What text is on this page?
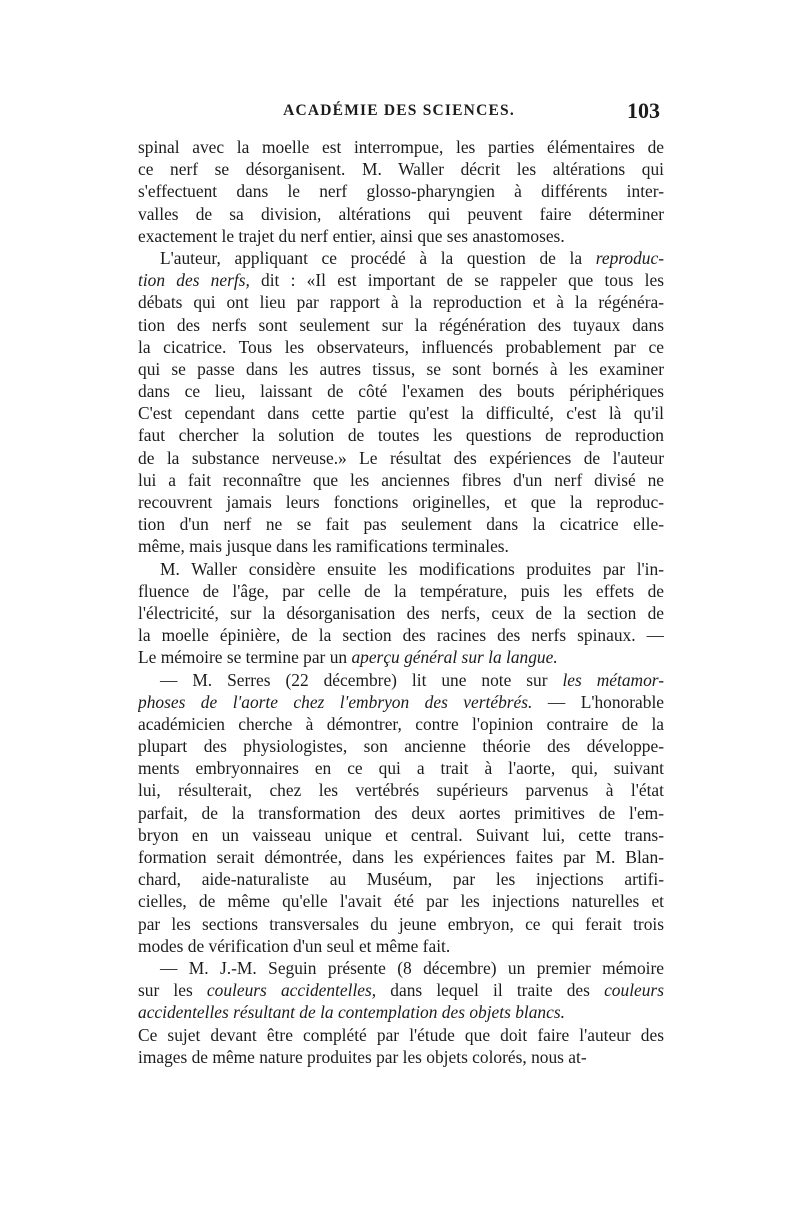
ACADÉMIE DES SCIENCES.	103
spinal avec la moelle est interrompue, les parties élémentaires de
ce nerf se désorganisent. M. Waller décrit les altérations qui
s'effectuent dans le nerf glosso-pharyngien à différents inter-
valles de sa division, altérations qui peuvent faire déterminer
exactement le trajet du nerf entier, ainsi que ses anastomoses.
L'auteur, appliquant ce procédé à la question de la reproduc-
tion des nerfs, dit : «Il est important de se rappeler que tous les
débats qui ont lieu par rapport à la reproduction et à la régénéra-
tion des nerfs sont seulement sur la régénération des tuyaux dans
la cicatrice. Tous les observateurs, influencés probablement par ce
qui se passe dans les autres tissus, se sont bornés à les examiner
dans ce lieu, laissant de côté l'examen des bouts périphériques
C'est cependant dans cette partie qu'est la difficulté, c'est là qu'il
faut chercher la solution de toutes les questions de reproduction
de la substance nerveuse.» Le résultat des expériences de l'auteur
lui a fait reconnaître que les anciennes fibres d'un nerf divisé ne
recouvrent jamais leurs fonctions originelles, et que la reproduc-
tion d'un nerf ne se fait pas seulement dans la cicatrice elle-
même, mais jusque dans les ramifications terminales.
M. Waller considère ensuite les modifications produites par l'in-
fluence de l'âge, par celle de la température, puis les effets de
l'électricité, sur la désorganisation des nerfs, ceux de la section de
la moelle épinière, de la section des racines des nerfs spinaux. —
Le mémoire se termine par un aperçu général sur la langue.
— M. Serres (22 décembre) lit une note sur les métamor-
phoses de l'aorte chez l'embryon des vertébrés. — L'honorable
académicien cherche à démontrer, contre l'opinion contraire de la
plupart des physiologistes, son ancienne théorie des développe-
ments embryonnaires en ce qui a trait à l'aorte, qui, suivant
lui, résulterait, chez les vertébrés supérieurs parvenus à l'état
parfait, de la transformation des deux aortes primitives de l'em-
bryon en un vaisseau unique et central. Suivant lui, cette trans-
formation serait démontrée, dans les expériences faites par M. Blan-
chard, aide-naturaliste au Muséum, par les injections artifi-
cielles, de même qu'elle l'avait été par les injections naturelles et
par les sections transversales du jeune embryon, ce qui ferait trois
modes de vérification d'un seul et même fait.
— M. J.-M. Seguin présente (8 décembre) un premier mémoire
sur les couleurs accidentelles, dans lequel il traite des couleurs
accidentelles résultant de la contemplation des objets blancs.
Ce sujet devant être complété par l'étude que doit faire l'auteur des
images de même nature produites par les objets colorés, nous at-
